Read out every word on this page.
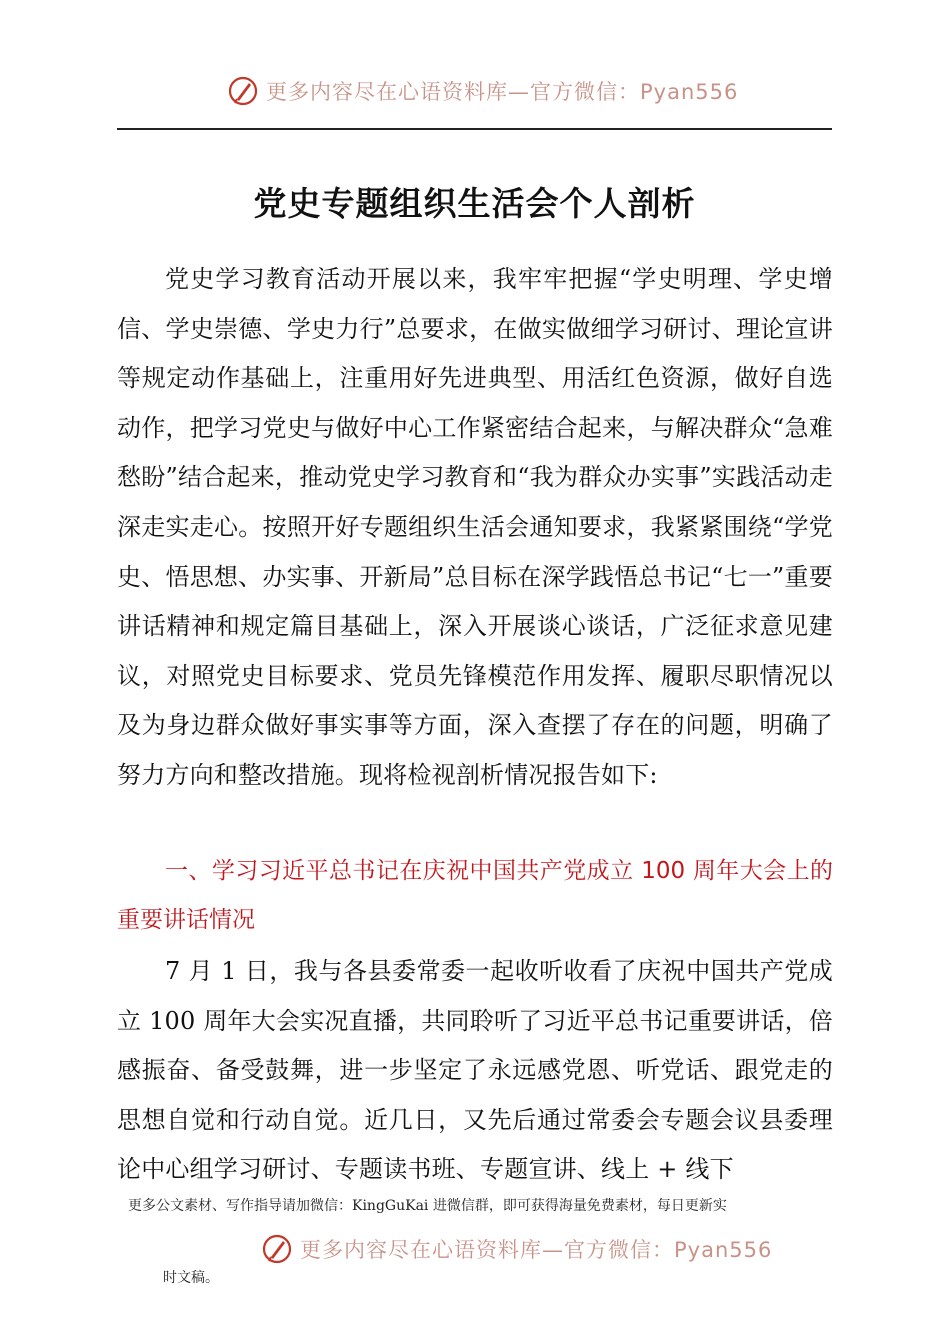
更多内容尽在心语资料库—官方微信：Pyan556
党史专题组织生活会个人剖析

党史学习教育活动开展以来，我牢牢把握“学史明理、学史增信、学史崇德、学史力行”总要求，在做实做细学习研讨、理论宣讲等规定动作基础上，注重用好先进典型、用活红色资源，做好自选动作，把学习党史与做好中心工作紧密结合起来，与解决群众“急难愁盼”结合起来，推动党史学习教育和“我为群众办实事”实践活动走深走实走心。按照开好专题组织生活会通知要求，我紧紧围绕“学党史、悟思想、办实事、开新局”总目标在深学践悟总书记“七一”重要讲话精神和规定篇目基础上，深入开展谈心谈话，广泛征求意见建议，对照党史目标要求、党员先锋模范作用发挥、履职尽职情况以及为身边群众做好事实事等方面，深入查摆了存在的问题，明确了努力方向和整改措施。现将检视剖析情况报告如下:

一、学习习近平总书记在庆祝中国共产党成立 100 周年大会上的重要讲话情况

7 月 1 日，我与各县委常委一起收听收看了庆祝中国共产党成立 100 周年大会实况直播，共同聆听了习近平总书记重要讲话，倍感振奋、备受鼓舞，进一步坚定了永远感党恩、听党话、跟党走的思想自觉和行动自觉。近几日，又先后通过常委会专题会议县委理论中心组学习研讨、专题读书班、专题宣讲、线上 + 线下

更多公文素材、写作指导请加微信：KingGuKai 进微信群，即可获得海量免费素材，每日更新实
更多内容尽在心语资料库—官方微信：Pyan556
时文稿。
